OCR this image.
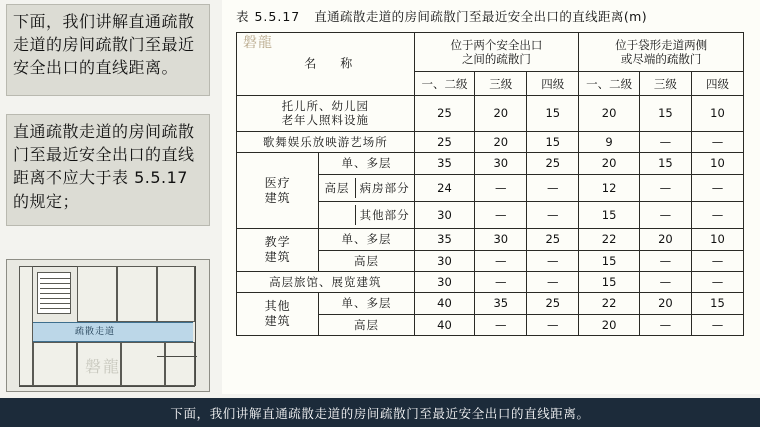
下面，我们讲解直通疏散走道的房间疏散门至最近安全出口的直线距离。
直通疏散走道的房间疏散门至最近安全出口的直线距离不应大于表 5.5.17 的规定；
疏散走道
磐龍
表 5.5.17 直通疏散走道的房间疏散门至最近安全出口的直线距离(m)
磐龍
名　称

位于两个安全出口
之间的疏散门

位于袋形走道两侧
或尽端的疏散门

一、二级	三级	四级	一、二级	三级	四级

托儿所、幼儿园
老年人照料设施
	25	20	15	20	15	10
歌舞娱乐放映游艺场所	25	20	15	9	—	—

医疗
建筑
	单、多层	35	30	25	20	15	10

高层	病房部分
	24	—	—	12	—	—

	其他部分
	30	—	—	15	—	—

教学
建筑
	单、多层	35	30	25	22	20	10
高层	30	—	—	15	—	—
高层旅馆、展览建筑	30	—	—	15	—	—

其他
建筑
	单、多层	40	35	25	22	20	15
高层	40	—	—	20	—	—
下面，我们讲解直通疏散走道的房间疏散门至最近安全出口的直线距离。
